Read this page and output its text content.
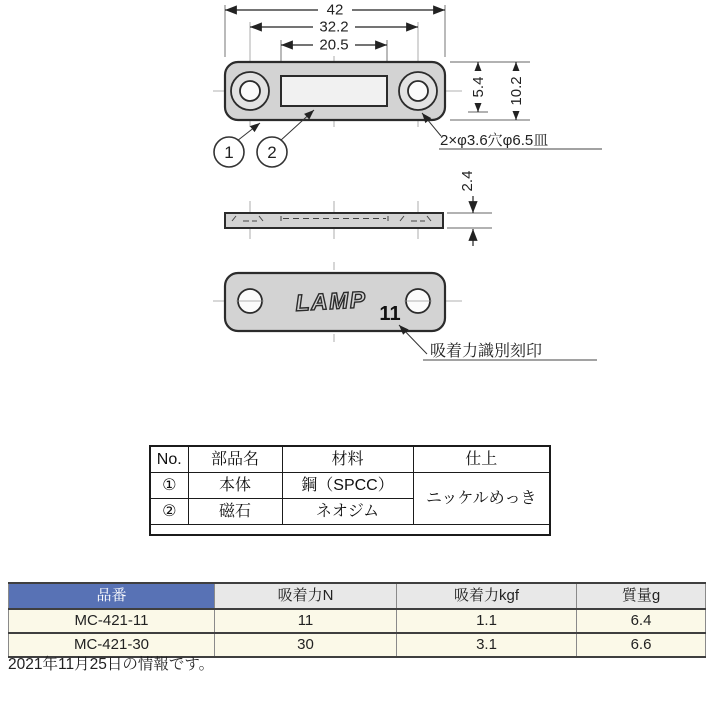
42
32.2
20.5
5.4 10.2
2×φ3.6穴φ6.5皿
1 2
2.4
LAMP 11
吸着力識別刻印
No.	部品名	材料	仕上
①	本体	鋼（SPCC）	ニッケルめっき
②	磁石	ネオジム	

品番	吸着力N	吸着力kgf	質量g
MC-421-11	11	1.1	6.4
MC-421-30	30	3.1	6.6
2021年11月25日の情報です。
